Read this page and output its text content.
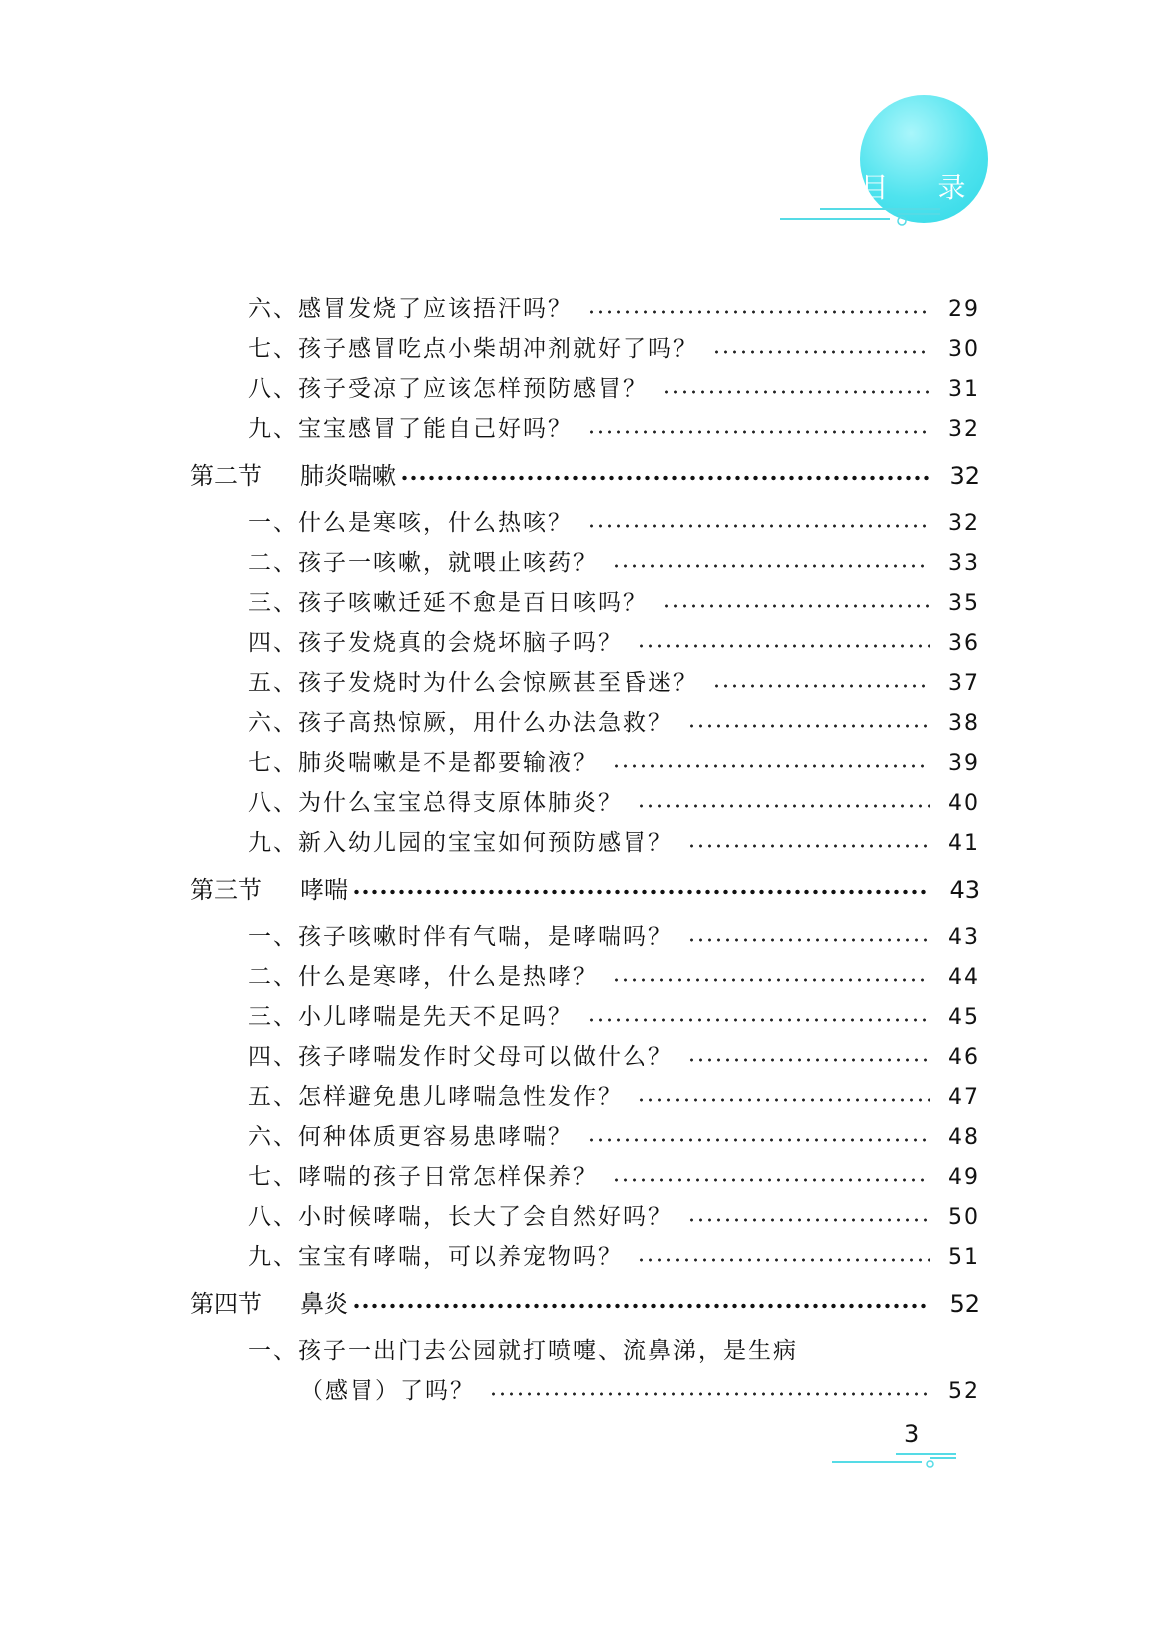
目 录
六、 感冒发烧了应该捂汗吗？	29
七、 孩子感冒吃点小柴胡冲剂就好了吗？	30
八、 孩子受凉了应该怎样预防感冒？	31
九、 宝宝感冒了能自己好吗？	32
第二节	肺炎喘嗽	32
一、 什么是寒咳，什么热咳？	32
二、 孩子一咳嗽，就喂止咳药？	33
三、 孩子咳嗽迁延不愈是百日咳吗？	35
四、 孩子发烧真的会烧坏脑子吗？	36
五、 孩子发烧时为什么会惊厥甚至昏迷？	37
六、 孩子高热惊厥，用什么办法急救？	38
七、 肺炎喘嗽是不是都要输液？	39
八、 为什么宝宝总得支原体肺炎？	40
九、 新入幼儿园的宝宝如何预防感冒？	41
第三节	哮喘	43
一、 孩子咳嗽时伴有气喘，是哮喘吗？	43
二、 什么是寒哮，什么是热哮？	44
三、 小儿哮喘是先天不足吗？	45
四、 孩子哮喘发作时父母可以做什么？	46
五、 怎样避免患儿哮喘急性发作？	47
六、 何种体质更容易患哮喘？	48
七、 哮喘的孩子日常怎样保养？	49
八、 小时候哮喘，长大了会自然好吗？	50
九、 宝宝有哮喘，可以养宠物吗？	51
第四节	鼻炎	52
一、 孩子一出门去公园就打喷嚏、流鼻涕，是生病
（感冒）了吗？	52
3
